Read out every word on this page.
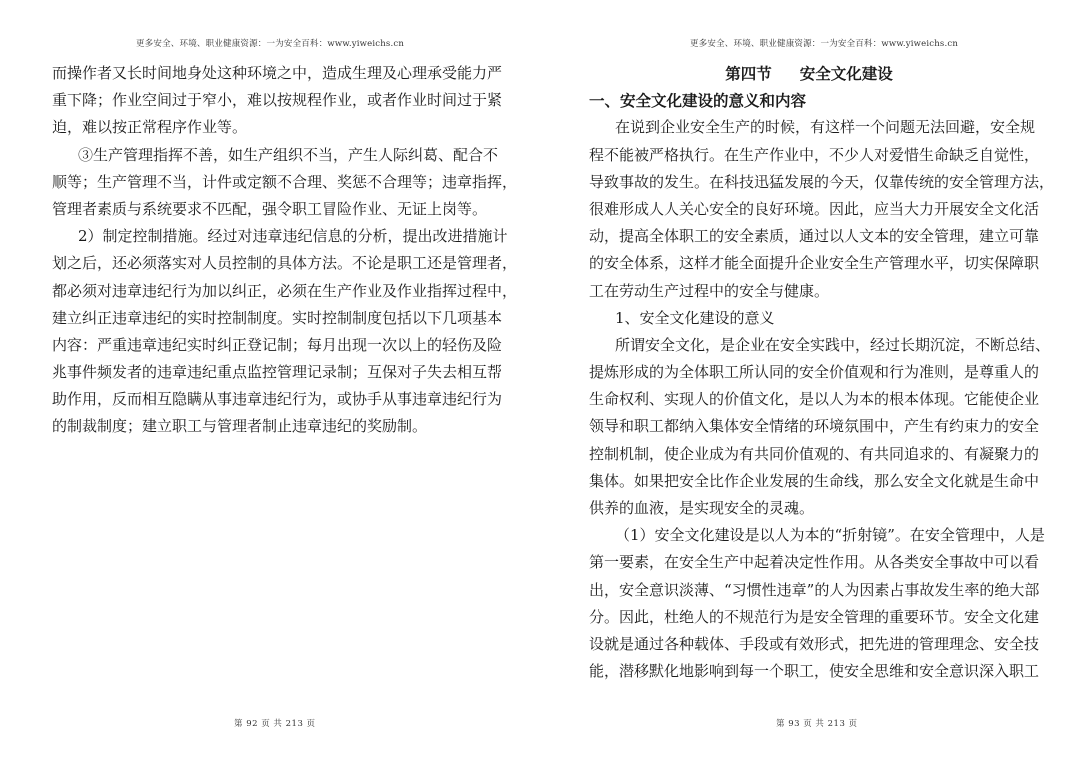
更多安全、环境、职业健康资源：一为安全百科：www.yiweichs.cn
而操作者又长时间地身处这种环境之中，造成生理及心理承受能力严
重下降；作业空间过于窄小，难以按规程作业，或者作业时间过于紧
迫，难以按正常程序作业等。
③生产管理指挥不善，如生产组织不当，产生人际纠葛、配合不
顺等；生产管理不当，计件或定额不合理、奖惩不合理等；违章指挥，
管理者素质与系统要求不匹配，强令职工冒险作业、无证上岗等。
2）制定控制措施。经过对违章违纪信息的分析，提出改进措施计
划之后，还必须落实对人员控制的具体方法。不论是职工还是管理者，
都必须对违章违纪行为加以纠正，必须在生产作业及作业指挥过程中，
建立纠正违章违纪的实时控制制度。实时控制制度包括以下几项基本
内容：严重违章违纪实时纠正登记制；每月出现一次以上的轻伤及险
兆事件频发者的违章违纪重点监控管理记录制；互保对子失去相互帮
助作用，反而相互隐瞒从事违章违纪行为，或协手从事违章违纪行为
的制裁制度；建立职工与管理者制止违章违纪的奖励制。
第 92 页 共 213 页
更多安全、环境、职业健康资源：一为安全百科：www.yiweichs.cn
第四节 安全文化建设
一、安全文化建设的意义和内容
在说到企业安全生产的时候，有这样一个问题无法回避，安全规
程不能被严格执行。在生产作业中，不少人对爱惜生命缺乏自觉性，
导致事故的发生。在科技迅猛发展的今天，仅靠传统的安全管理方法，
很难形成人人关心安全的良好环境。因此，应当大力开展安全文化活
动，提高全体职工的安全素质，通过以人文本的安全管理，建立可靠
的安全体系，这样才能全面提升企业安全生产管理水平，切实保障职
工在劳动生产过程中的安全与健康。
1、安全文化建设的意义
所谓安全文化，是企业在安全实践中，经过长期沉淀，不断总结、
提炼形成的为全体职工所认同的安全价值观和行为准则，是尊重人的
生命权利、实现人的价值文化，是以人为本的根本体现。它能使企业
领导和职工都纳入集体安全情绪的环境氛围中，产生有约束力的安全
控制机制，使企业成为有共同价值观的、有共同追求的、有凝聚力的
集体。如果把安全比作企业发展的生命线，那么安全文化就是生命中
供养的血液，是实现安全的灵魂。
（1）安全文化建设是以人为本的“折射镜”。在安全管理中，人是
第一要素，在安全生产中起着决定性作用。从各类安全事故中可以看
出，安全意识淡薄、“习惯性违章”的人为因素占事故发生率的绝大部
分。因此，杜绝人的不规范行为是安全管理的重要环节。安全文化建
设就是通过各种载体、手段或有效形式，把先进的管理理念、安全技
能，潜移默化地影响到每一个职工，使安全思维和安全意识深入职工
第 93 页 共 213 页
